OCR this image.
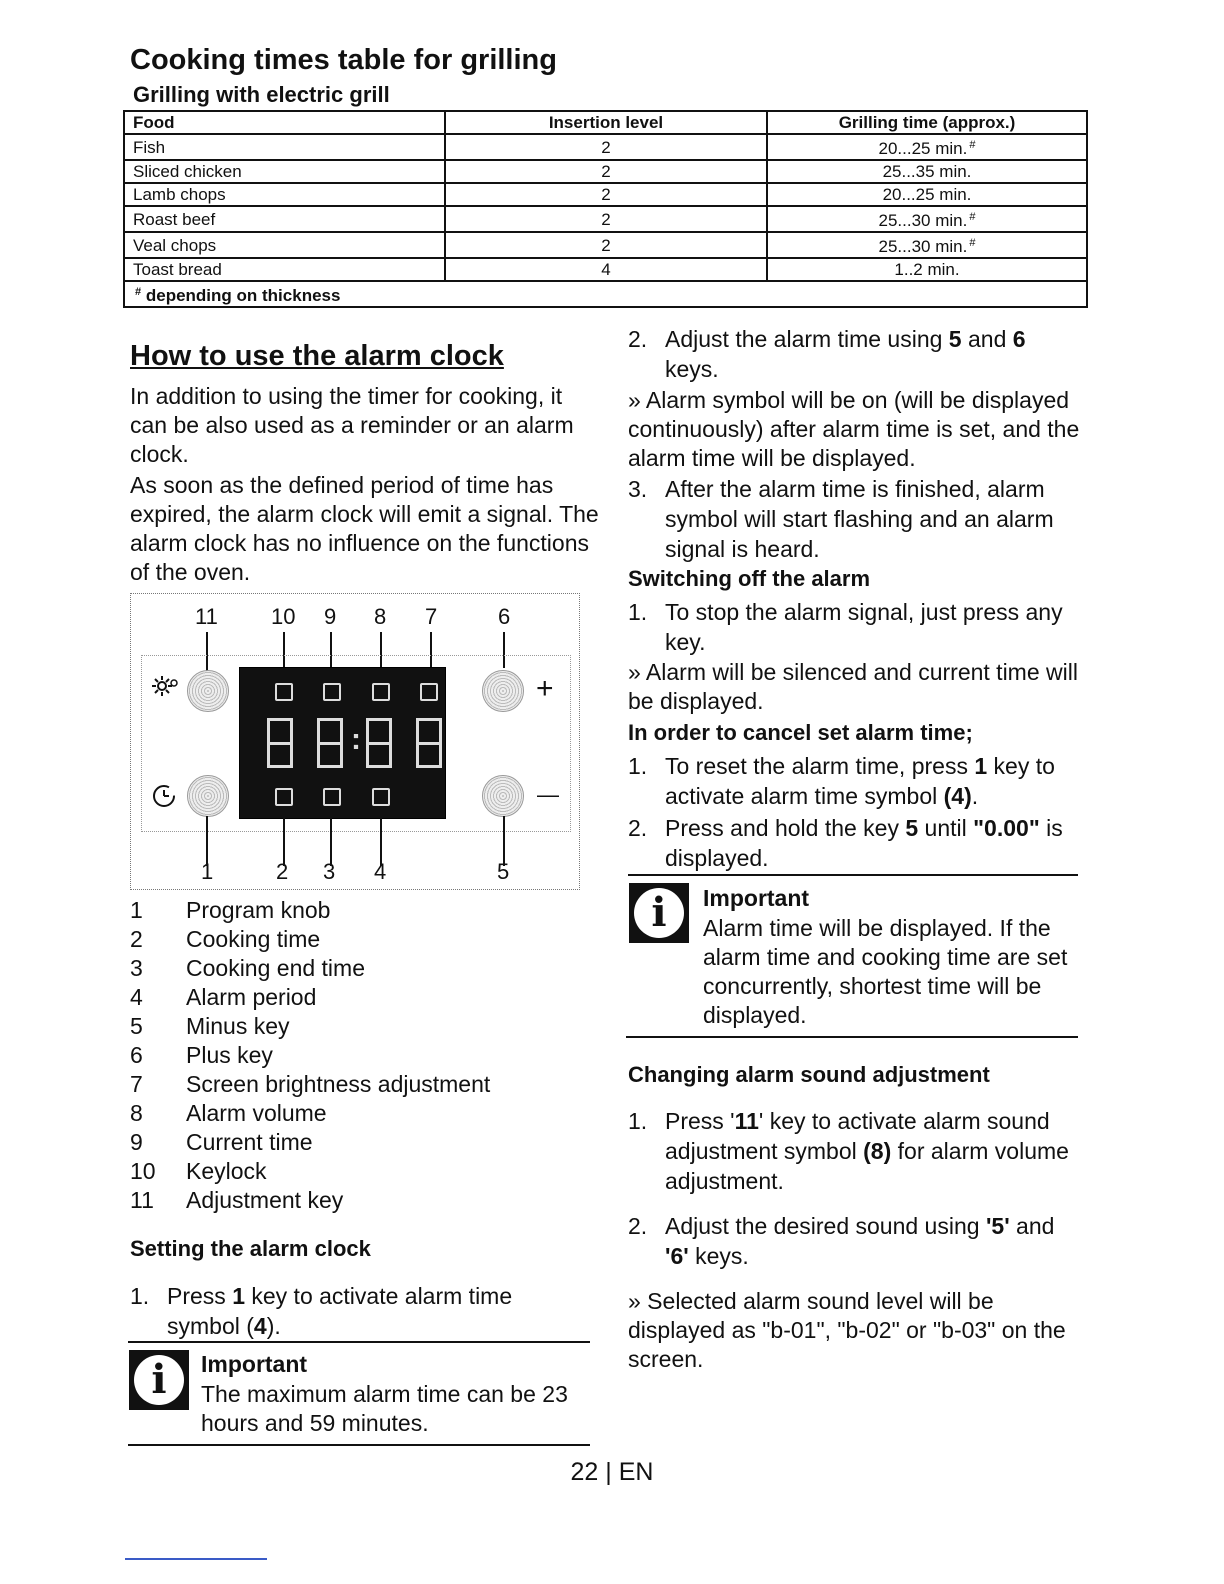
Cooking times table for grilling
Grilling with electric grill
Food	Insertion level	Grilling time (approx.)
Fish	2	20...25 min. #
Sliced chicken	2	25...35 min.
Lamb chops	2	20...25 min.
Roast beef	2	25...30 min. #
Veal chops	2	25...30 min. #
Toast bread	4	1..2 min.
# depending on thickness		
How to use the alarm clock
In addition to using the timer for cooking, it can be also used as a reminder or an alarm clock.
As soon as the defined period of time has expired, the alarm clock will emit a signal. The alarm clock has no influence on the functions of the oven.
11 10 9 8 7	6
+
—
:
1	2 3 4	5
1 Program knob
2 Cooking time
3 Cooking end time
4 Alarm period
5 Minus key
6 Plus key
7 Screen brightness adjustment
8 Alarm volume
9 Current time
10 Keylock
11 Adjustment key
Setting the alarm clock
1. Press 1 key to activate alarm time
symbol (4).
i	Important
The maximum alarm time can be 23 hours and 59 minutes.
2. Adjust the alarm time using 5 and 6
keys.
» Alarm symbol will be on (will be displayed continuously) after alarm time is set, and the alarm time will be displayed.
3. After the alarm time is finished, alarm symbol will start flashing and an alarm signal is heard.
Switching off the alarm
1. To stop the alarm signal, just press any key.
» Alarm will be silenced and current time will be displayed.
In order to cancel set alarm time;
1. To reset the alarm time, press 1 key to
activate alarm time symbol (4).
2. Press and hold the key 5 until "0.00" is
displayed.
i	Important
Alarm time will be displayed. If the alarm time and cooking time are set concurrently, shortest time will be displayed.
Changing alarm sound adjustment
1. Press '11' key to activate alarm sound
adjustment symbol (8) for alarm volume
adjustment.
2. Adjust the desired sound using '5' and
'6' keys.
» Selected alarm sound level will be displayed as "b-01", "b-02" or "b-03" on the screen.
22 | EN
